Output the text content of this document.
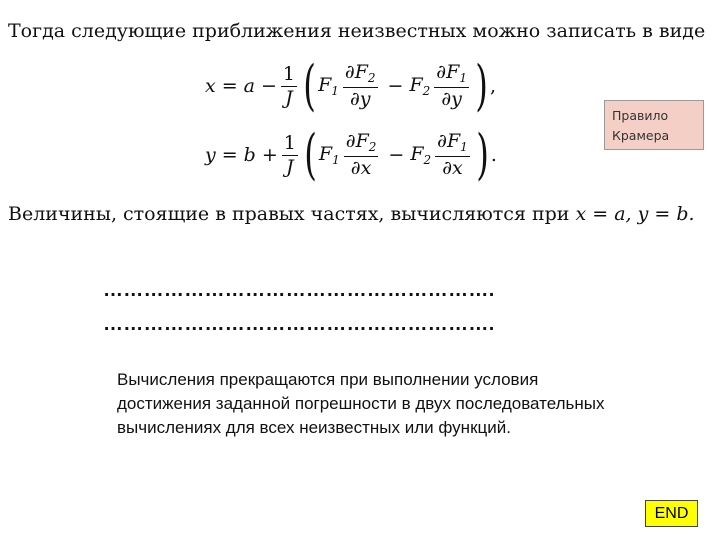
Тогда следующие приближения неизвестных можно записать в виде
$x = a - \frac{1}{J}$ ( $F_1 \frac{\partial F_2}{\partial y} - F_2 \frac{\partial F_1}{\partial y}$ ) ,
$y = b + \frac{1}{J}$ ( $F_1 \frac{\partial F_2}{\partial x} - F_2 \frac{\partial F_1}{\partial x}$ ) .
Правило
Крамера
Величины, стоящие в правых частях, вычисляются при x = a, y = b.
………………………………………………….
………………………………………………….
Вычисления прекращаются при выполнении условия достижения заданной погрешности в двух последовательных вычислениях для всех неизвестных или функций.
END
